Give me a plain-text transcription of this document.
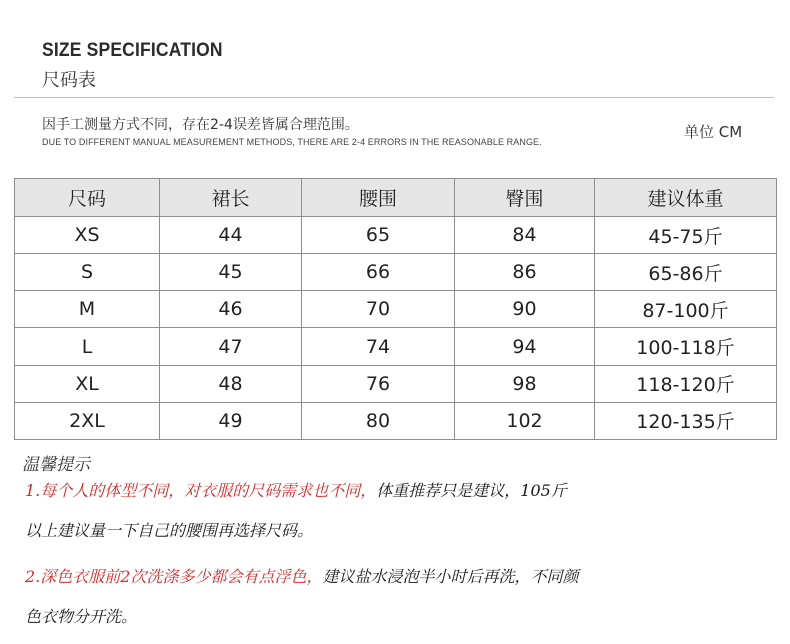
SIZE SPECIFICATION
尺码表
因手工测量方式不同，存在2-4误差皆属合理范围。
DUE TO DIFFERENT MANUAL MEASUREMENT METHODS, THERE ARE 2-4 ERRORS IN THE REASONABLE RANGE.
单位 CM
尺码	裙长	腰围	臀围	建议体重
XS	44	65	84	45-75斤
S	45	66	86	65-86斤
M	46	70	90	87-100斤
L	47	74	94	100-118斤
XL	48	76	98	118-120斤
2XL	49	80	102	120-135斤
温馨提示
1.每个人的体型不同，对衣服的尺码需求也不同，体重推荐只是建议，105斤
以上建议量一下自己的腰围再选择尺码。
2.深色衣服前2次洗涤多少都会有点浮色，建议盐水浸泡半小时后再洗，不同颜
色衣物分开洗。
